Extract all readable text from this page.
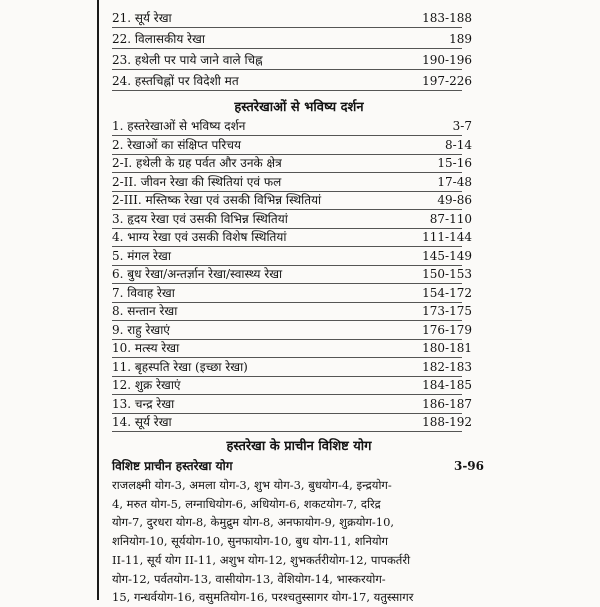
21. सूर्य रेखा	183-188
22. विलासकीय रेखा	189
23. हथेली पर पाये जाने वाले चिह्न	190-196
24. हस्तचिह्नों पर विदेशी मत	197-226
हस्तरेखाओं से भविष्य दर्शन
1. हस्तरेखाओं से भविष्य दर्शन	3-7
2. रेखाओं का संक्षिप्त परिचय	8-14
2-I. हथेली के ग्रह पर्वत और उनके क्षेत्र	15-16
2-II. जीवन रेखा की स्थितियां एवं फल	17-48
2-III. मस्तिष्क रेखा एवं उसकी विभिन्न स्थितियां	49-86
3. हृदय रेखा एवं उसकी विभिन्न स्थितियां	87-110
4. भाग्य रेखा एवं उसकी विशेष स्थितियां	111-144
5. मंगल रेखा	145-149
6. बुध रेखा/अन्तर्ज्ञान रेखा/स्वास्थ्य रेखा	150-153
7. विवाह रेखा	154-172
8. सन्तान रेखा	173-175
9. राहु रेखाएं	176-179
10. मत्स्य रेखा	180-181
11. बृहस्पति रेखा (इच्छा रेखा)	182-183
12. शुक्र रेखाएं	184-185
13. चन्द्र रेखा	186-187
14. सूर्य रेखा	188-192
हस्तरेखा के प्राचीन विशिष्ट योग
विशिष्ट प्राचीन हस्तरेखा योग	3-96
राजलक्ष्मी योग-3, अमला योग-3, शुभ योग-3, बुधयोग-4, इन्द्रयोग-
4, मरुत योग-5, लग्नाधियोग-6, अधियोग-6, शकटयोग-7, दरिद्र
योग-7, दुरधरा योग-8, केमुद्रुम योग-8, अनफायोग-9, शुक्रयोग-10,
शनियोग-10, सूर्ययोग-10, सुनफायोग-10, बुध योग-11, शनियोग
II-11, सूर्य योग II-11, अशुभ योग-12, शुभकर्तरीयोग-12, पापकर्तरी
योग-12, पर्वतयोग-13, वासीयोग-13, वेशियोग-14, भास्करयोग-
15, गन्धर्वयोग-16, वसुमतियोग-16, परश्चतुस्सागर योग-17, यतुस्सागर
